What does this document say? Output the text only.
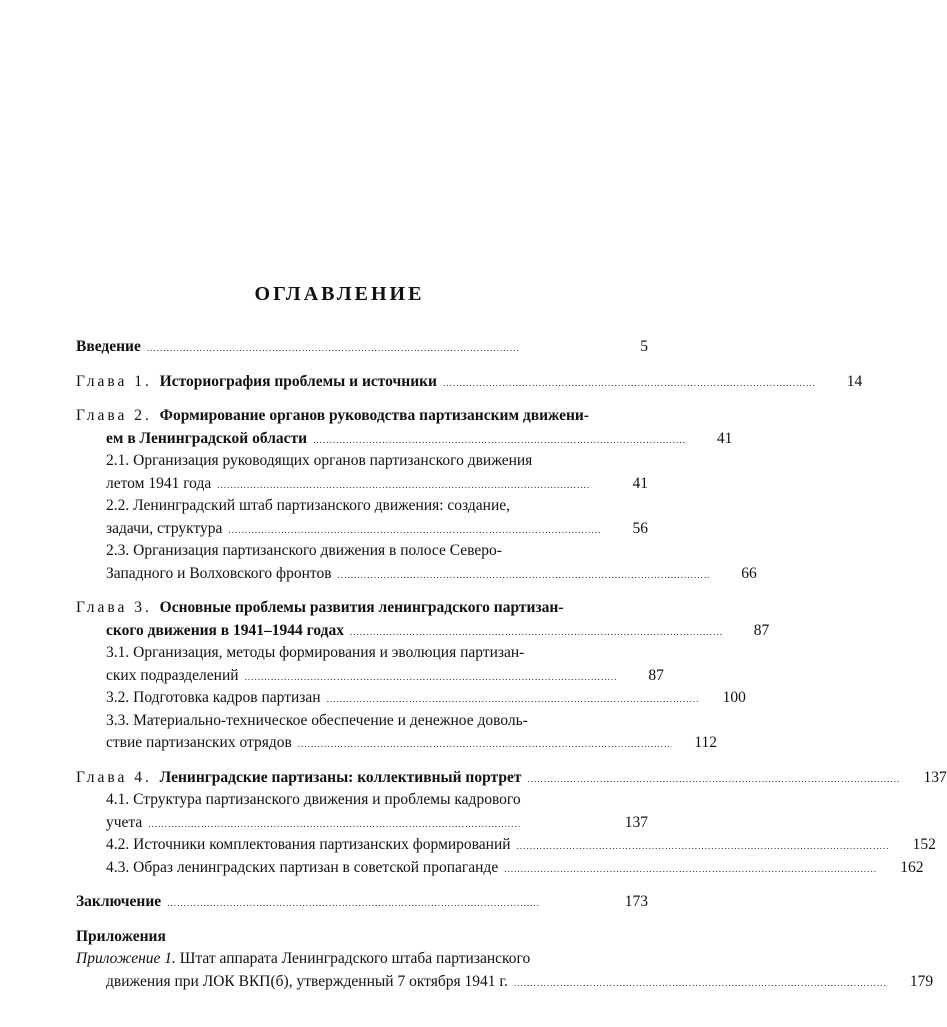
ОГЛАВЛЕНИЕ
Введение . . .	5
Глава 1. Историография проблемы и источники . . .	14
Глава 2. Формирование органов руководства партизанским движени-
ем в Ленинградской области . . .	41
2.1. Организация руководящих органов партизанского движения
летом 1941 года . . .	41
2.2. Ленинградский штаб партизанского движения: создание,
задачи, структура . . .	56
2.3. Организация партизанского движения в полосе Северо-
Западного и Волховского фронтов . . .	66
Глава 3. Основные проблемы развития ленинградского партизан-
ского движения в 1941–1944 годах . . .	87
3.1. Организация, методы формирования и эволюция партизан-
ских подразделений . . .	87
3.2. Подготовка кадров партизан . . .	100
3.3. Материально-техническое обеспечение и денежное доволь-
ствие партизанских отрядов . . .	112
Глава 4. Ленинградские партизаны: коллективный портрет . . .	137
4.1. Структура партизанского движения и проблемы кадрового
учета . . .	137
4.2. Источники комплектования партизанских формирований . . .	152
4.3. Образ ленинградских партизан в советской пропаганде . . .	162
Заключение . . .	173
Приложения
Приложение 1. Штат аппарата Ленинградского штаба партизанского
движения при ЛОК ВКП(б), утвержденный 7 октября 1941 г. . . .	179
